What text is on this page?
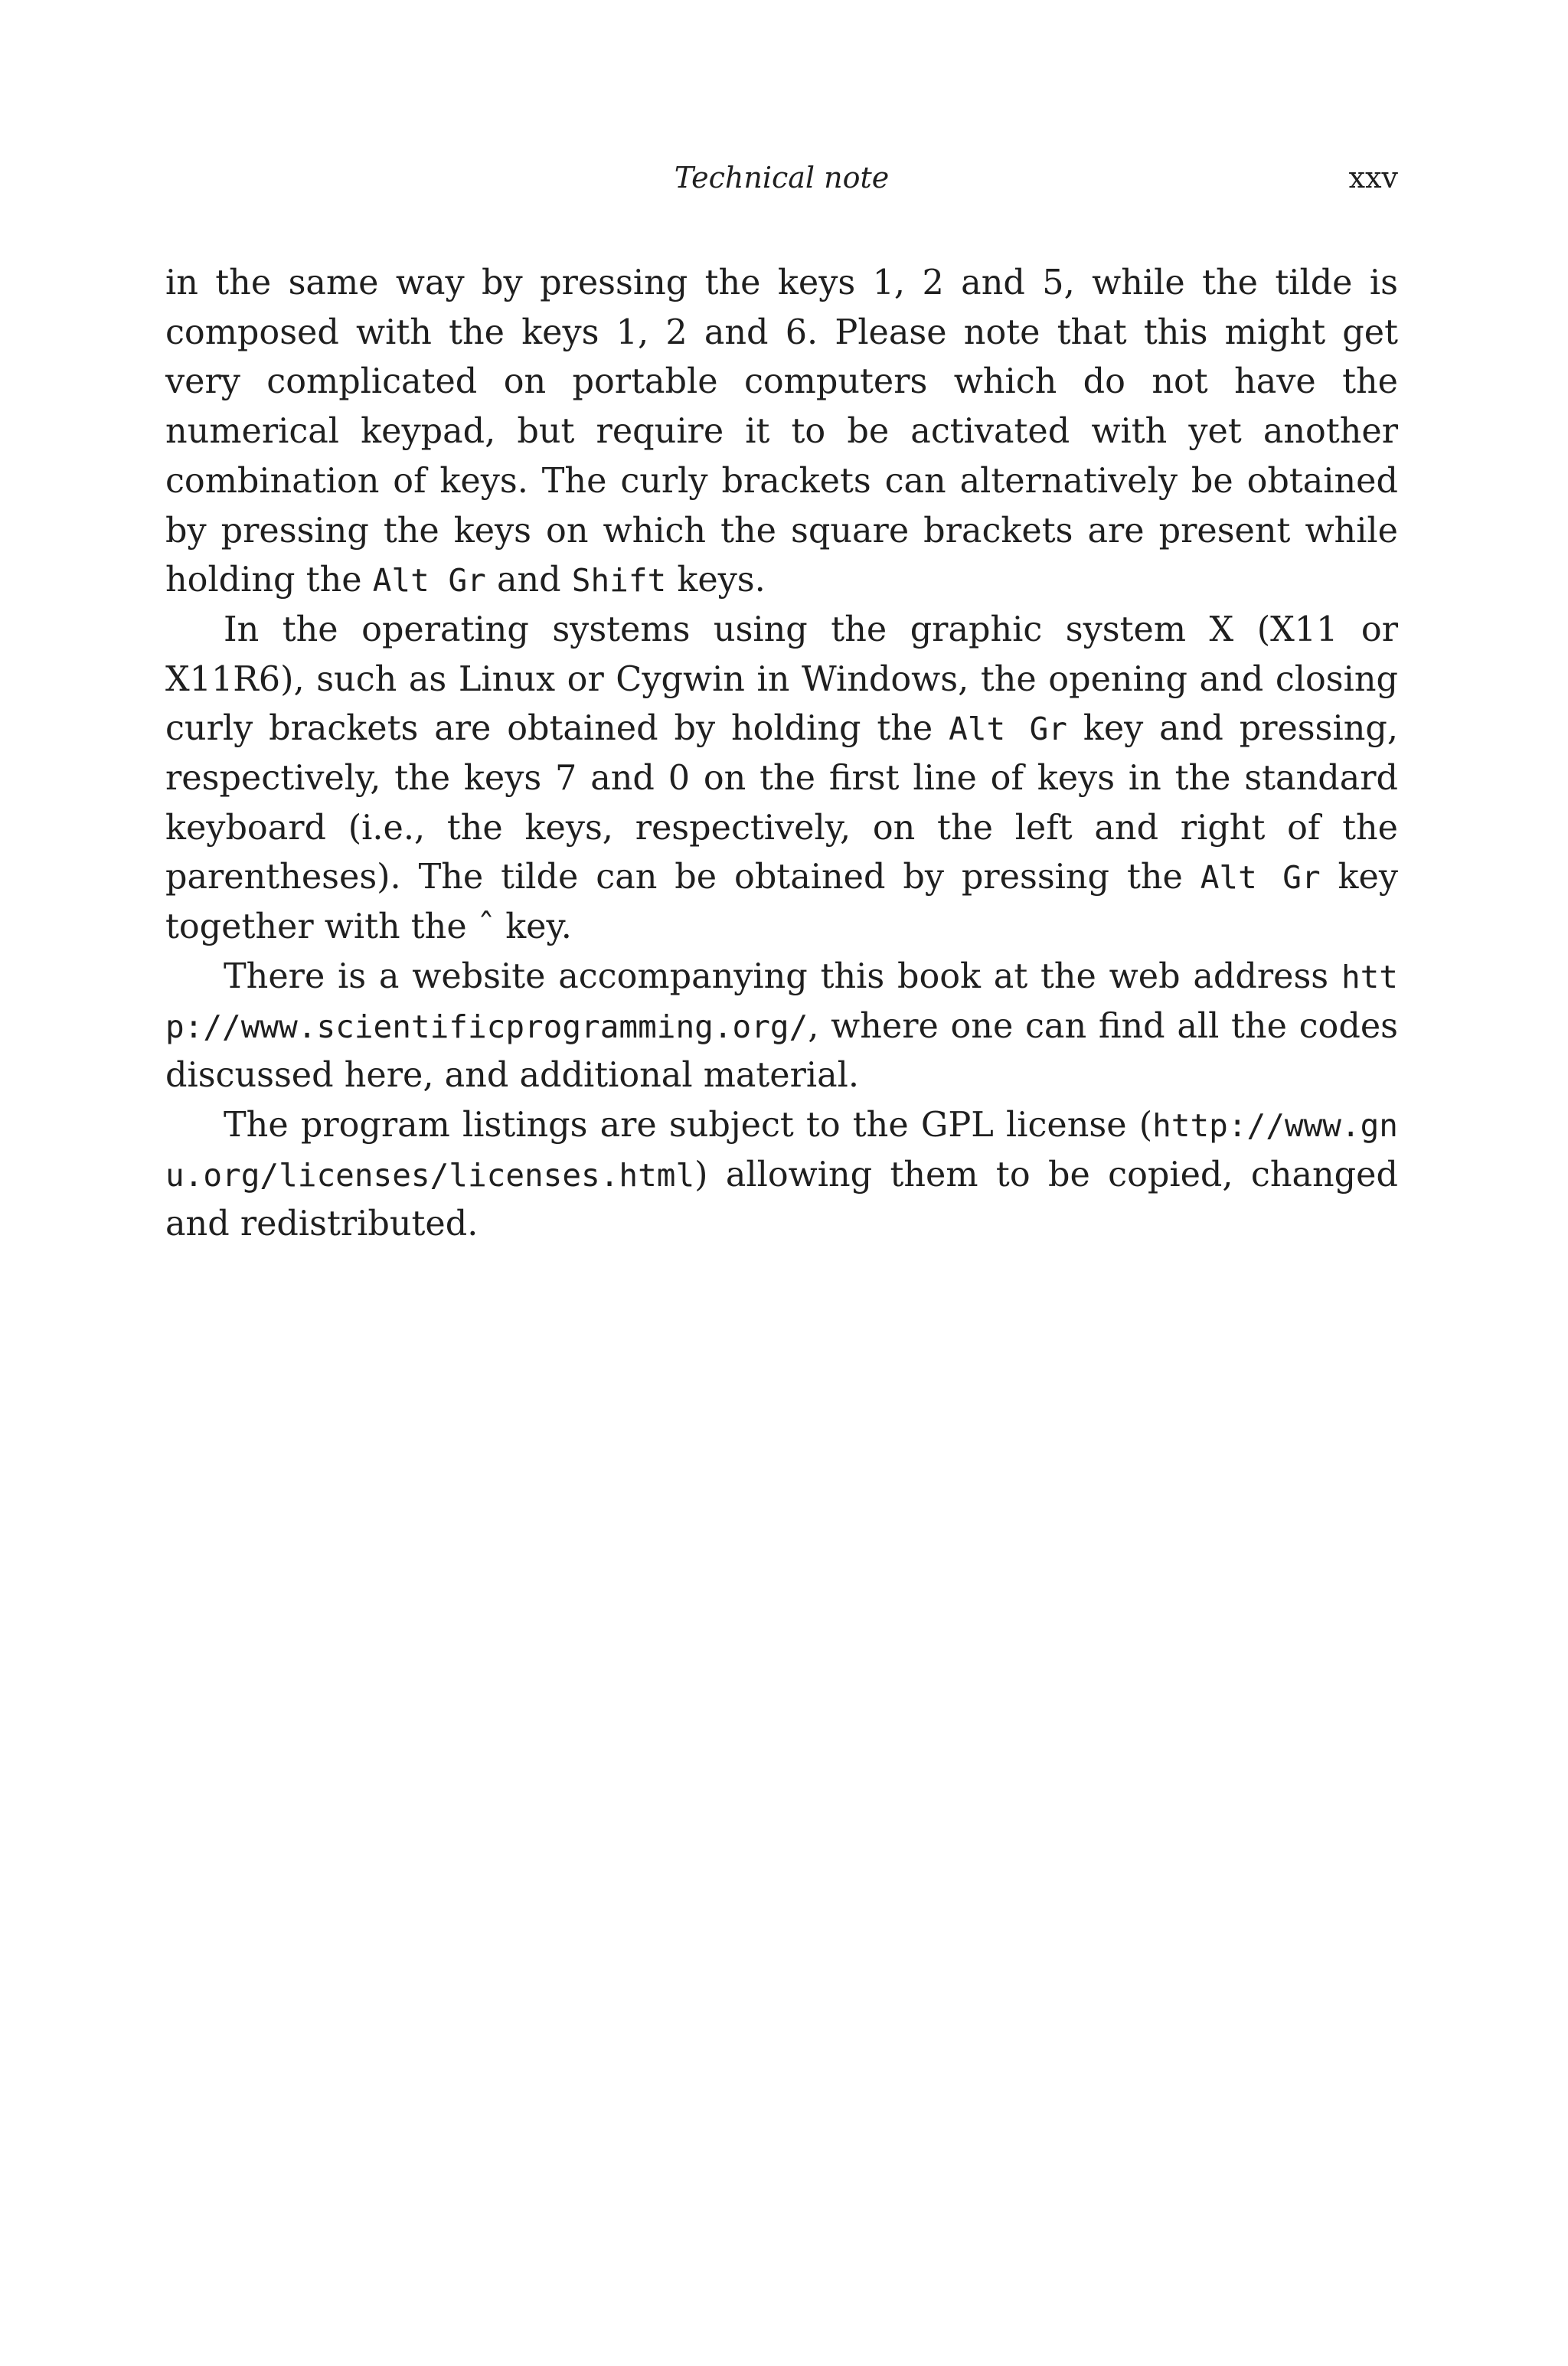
Technical note	xxv

in the same way by pressing the keys 1, 2 and 5, while the tilde is composed with the keys 1, 2 and 6. Please note that this might get very complicated on portable computers which do not have the numerical keypad, but require it to be activated with yet another combination of keys. The curly brackets can alternatively be obtained by pressing the keys on which the square brackets are present while holding the Alt Gr and Shift keys.

In the operating systems using the graphic system X (X11 or X11R6), such as Linux or Cygwin in Windows, the opening and closing curly brackets are obtained by holding the Alt Gr key and pressing, respectively, the keys 7 and 0 on the first line of keys in the standard keyboard (i.e., the keys, respectively, on the left and right of the parentheses). The tilde can be obtained by pressing the Alt Gr key together with the ˆ key.

There is a website accompanying this book at the web address http://www.scientificprogramming.org/, where one can find all the codes discussed here, and additional material.

The program listings are subject to the GPL license (http://www.gnu.org/licenses/licenses.html) allowing them to be copied, changed and redistributed.
